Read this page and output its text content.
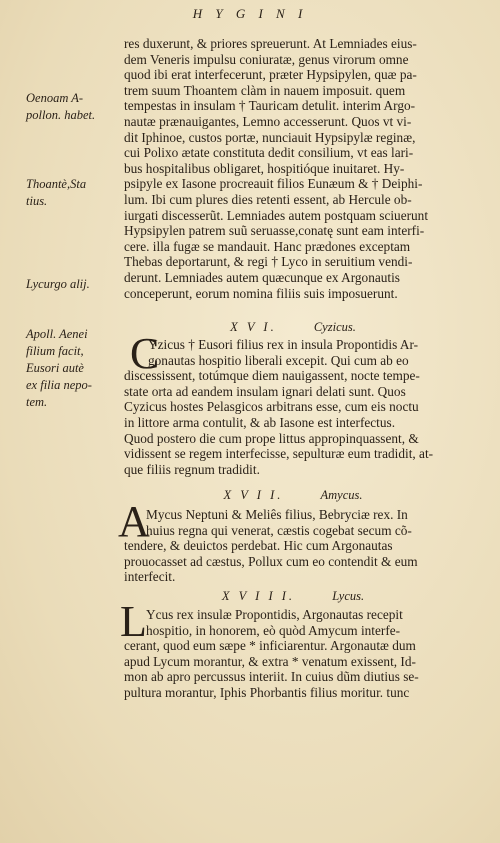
H Y G I N I
Oenoam A-
pollon. habet.
Thoantè,Sta
tius.
Lycurgo alij.
Apoll. Aenei
filium facit,
Eusori autè
ex filia nepo-
tem.
res duxerunt, & priores spreuerunt. At Lemniades eius-
dem Veneris impulsu coniuratæ, genus virorum omne
quod ibi erat interfecerunt, præter Hypsipylen, quæ pa-
trem suum Thoantem clàm in nauem imposuit. quem
tempestas in insulam † Tauricam detulit. interim Argo-
nautæ prænauigantes, Lemno accesserunt. Quos vt vi-
dit Iphinoe, custos portæ, nunciauit Hypsipylæ reginæ,
cui Polixo ætate constituta dedit consilium, vt eas lari-
bus hospitalibus obligaret, hospitióque inuitaret. Hy-
psipyle ex Iasone procreauit filios Eunæum & † Deiphi-
lum. Ibi cum plures dies retenti essent, ab Hercule ob-
iurgati discesserũt. Lemniades autem postquam sciuerunt
Hypsipylen patrem suũ seruasse,conatę sunt eam interfi-
cere. illa fugæ se mandauit. Hanc prædones exceptam
Thebas deportarunt, & regi † Lyco in seruitium vendi-
derunt. Lemniades autem quæcunque ex Argonautis
conceperunt, eorum nomina filiis suis imposuerunt.
X V I.	Cyzicus.
C
Yzicus † Eusori filius rex in insula Propontidis Ar-
gonautas hospitio liberali excepit. Qui cum ab eo
discessissent, totúmque diem nauigassent, nocte tempe-
state orta ad eandem insulam ignari delati sunt. Quos
Cyzicus hostes Pelasgicos arbitrans esse, cum eis noctu
in littore arma contulit, & ab Iasone est interfectus.
Quod postero die cum prope littus appropinquassent, &
vidissent se regem interfecisse, sepulturæ eum tradidit, at-
que filiis regnum tradidit.
X V I I.	Amycus.
A
Mycus Neptuni & Meliês filius, Bebryciæ rex. In
huius regna qui venerat, cæstis cogebat secum cõ-
tendere, & deuictos perdebat. Hic cum Argonautas
prouocasset ad cæstus, Pollux cum eo contendit & eum
interfecit.
X V I I I.	Lycus.
L Ycus rex insulæ Propontidis, Argonautas recepit
hospitio, in honorem, eò quòd Amycum interfe-
cerant, quod eum sæpe * inficiarentur. Argonautæ dum
apud Lycum morantur, & extra * venatum exissent, Id-
mon ab apro percussus interiit. In cuius dũm diutius se-
pultura morantur, Iphis Phorbantis filius moritur. tunc
